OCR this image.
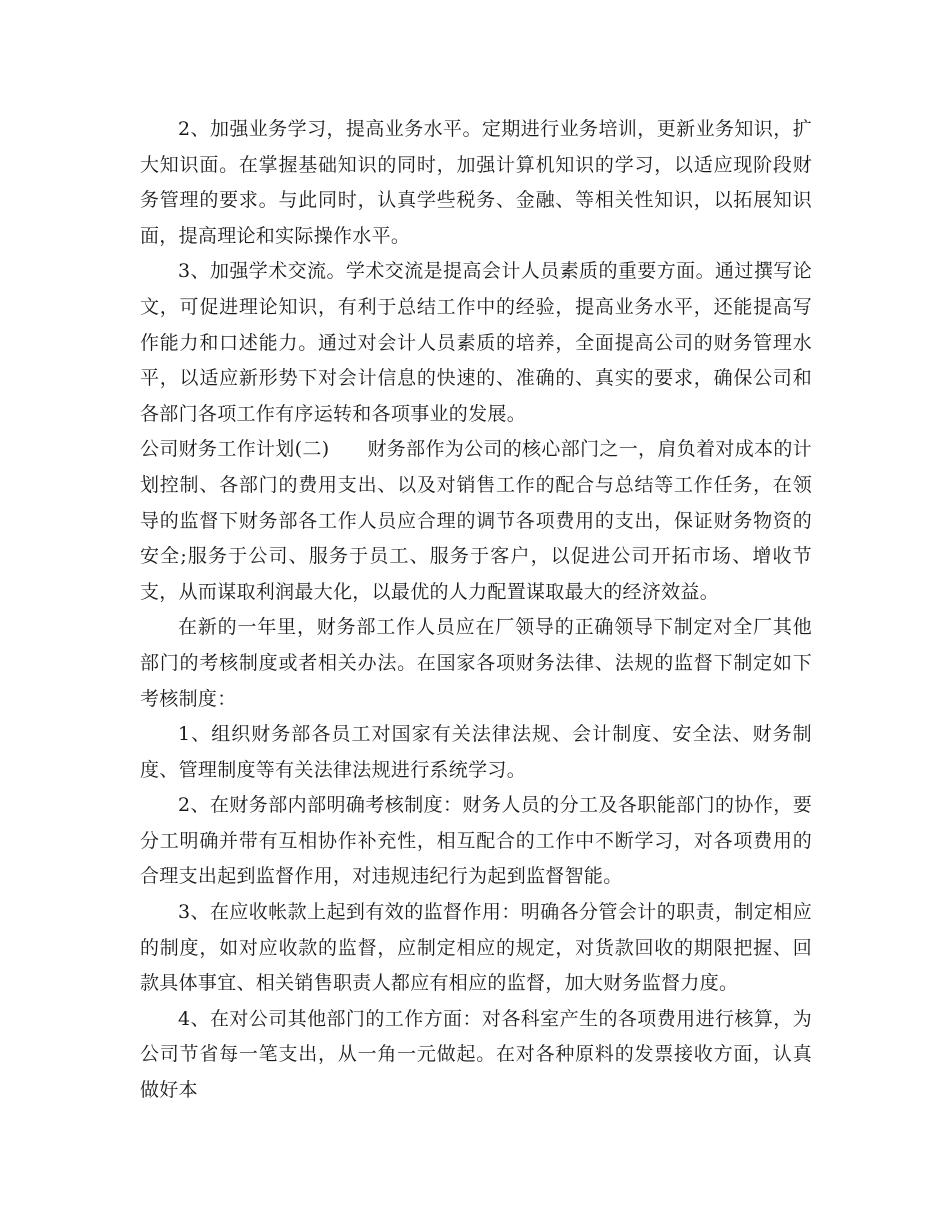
2、加强业务学习，提高业务水平。定期进行业务培训，更新业务知识，扩大知识面。在掌握基础知识的同时，加强计算机知识的学习，以适应现阶段财务管理的要求。与此同时，认真学些税务、金融、等相关性知识，以拓展知识面，提高理论和实际操作水平。

3、加强学术交流。学术交流是提高会计人员素质的重要方面。通过撰写论文，可促进理论知识，有利于总结工作中的经验，提高业务水平，还能提高写作能力和口述能力。通过对会计人员素质的培养，全面提高公司的财务管理水平，以适应新形势下对会计信息的快速的、准确的、真实的要求，确保公司和各部门各项工作有序运转和各项事业的发展。

公司财务工作计划(二) 财务部作为公司的核心部门之一，肩负着对成本的计划控制、各部门的费用支出、以及对销售工作的配合与总结等工作任务，在领导的监督下财务部各工作人员应合理的调节各项费用的支出，保证财务物资的安全;服务于公司、服务于员工、服务于客户，以促进公司开拓市场、增收节支，从而谋取利润最大化，以最优的人力配置谋取最大的经济效益。

在新的一年里，财务部工作人员应在厂领导的正确领导下制定对全厂其他部门的考核制度或者相关办法。在国家各项财务法律、法规的监督下制定如下考核制度：

1、组织财务部各员工对国家有关法律法规、会计制度、安全法、财务制度、管理制度等有关法律法规进行系统学习。

2、在财务部内部明确考核制度：财务人员的分工及各职能部门的协作，要分工明确并带有互相协作补充性，相互配合的工作中不断学习，对各项费用的合理支出起到监督作用，对违规违纪行为起到监督智能。

3、在应收帐款上起到有效的监督作用：明确各分管会计的职责，制定相应的制度，如对应收款的监督，应制定相应的规定，对货款回收的期限把握、回款具体事宜、相关销售职责人都应有相应的监督，加大财务监督力度。

4、在对公司其他部门的工作方面：对各科室产生的各项费用进行核算，为公司节省每一笔支出，从一角一元做起。在对各种原料的发票接收方面，认真做好本
